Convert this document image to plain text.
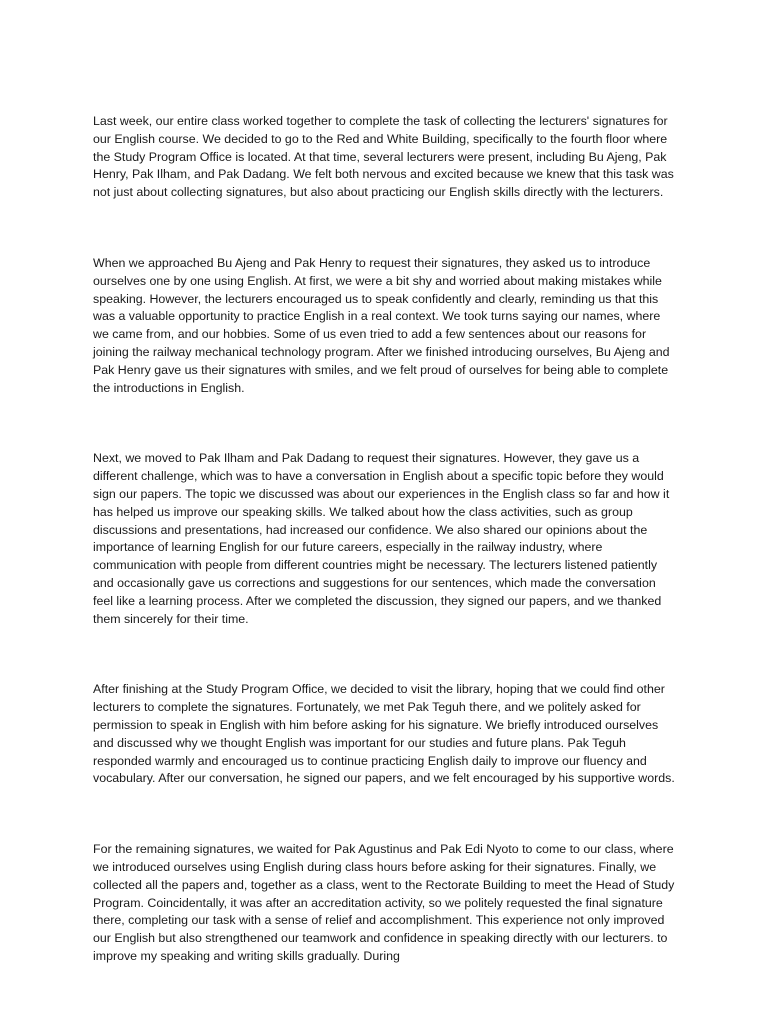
Last week, our entire class worked together to complete the task of collecting the lecturers' signatures for our English course. We decided to go to the Red and White Building, specifically to the fourth floor where the Study Program Office is located. At that time, several lecturers were present, including Bu Ajeng, Pak Henry, Pak Ilham, and Pak Dadang. We felt both nervous and excited because we knew that this task was not just about collecting signatures, but also about practicing our English skills directly with the lecturers.

When we approached Bu Ajeng and Pak Henry to request their signatures, they asked us to introduce ourselves one by one using English. At first, we were a bit shy and worried about making mistakes while speaking. However, the lecturers encouraged us to speak confidently and clearly, reminding us that this was a valuable opportunity to practice English in a real context. We took turns saying our names, where we came from, and our hobbies. Some of us even tried to add a few sentences about our reasons for joining the railway mechanical technology program. After we finished introducing ourselves, Bu Ajeng and Pak Henry gave us their signatures with smiles, and we felt proud of ourselves for being able to complete the introductions in English.

Next, we moved to Pak Ilham and Pak Dadang to request their signatures. However, they gave us a different challenge, which was to have a conversation in English about a specific topic before they would sign our papers. The topic we discussed was about our experiences in the English class so far and how it has helped us improve our speaking skills. We talked about how the class activities, such as group discussions and presentations, had increased our confidence. We also shared our opinions about the importance of learning English for our future careers, especially in the railway industry, where communication with people from different countries might be necessary. The lecturers listened patiently and occasionally gave us corrections and suggestions for our sentences, which made the conversation feel like a learning process. After we completed the discussion, they signed our papers, and we thanked them sincerely for their time.

After finishing at the Study Program Office, we decided to visit the library, hoping that we could find other lecturers to complete the signatures. Fortunately, we met Pak Teguh there, and we politely asked for permission to speak in English with him before asking for his signature. We briefly introduced ourselves and discussed why we thought English was important for our studies and future plans. Pak Teguh responded warmly and encouraged us to continue practicing English daily to improve our fluency and vocabulary. After our conversation, he signed our papers, and we felt encouraged by his supportive words.

For the remaining signatures, we waited for Pak Agustinus and Pak Edi Nyoto to come to our class, where we introduced ourselves using English during class hours before asking for their signatures. Finally, we collected all the papers and, together as a class, went to the Rectorate Building to meet the Head of Study Program. Coincidentally, it was after an accreditation activity, so we politely requested the final signature there, completing our task with a sense of relief and accomplishment. This experience not only improved our English but also strengthened our teamwork and confidence in speaking directly with our lecturers. to improve my speaking and writing skills gradually. During
